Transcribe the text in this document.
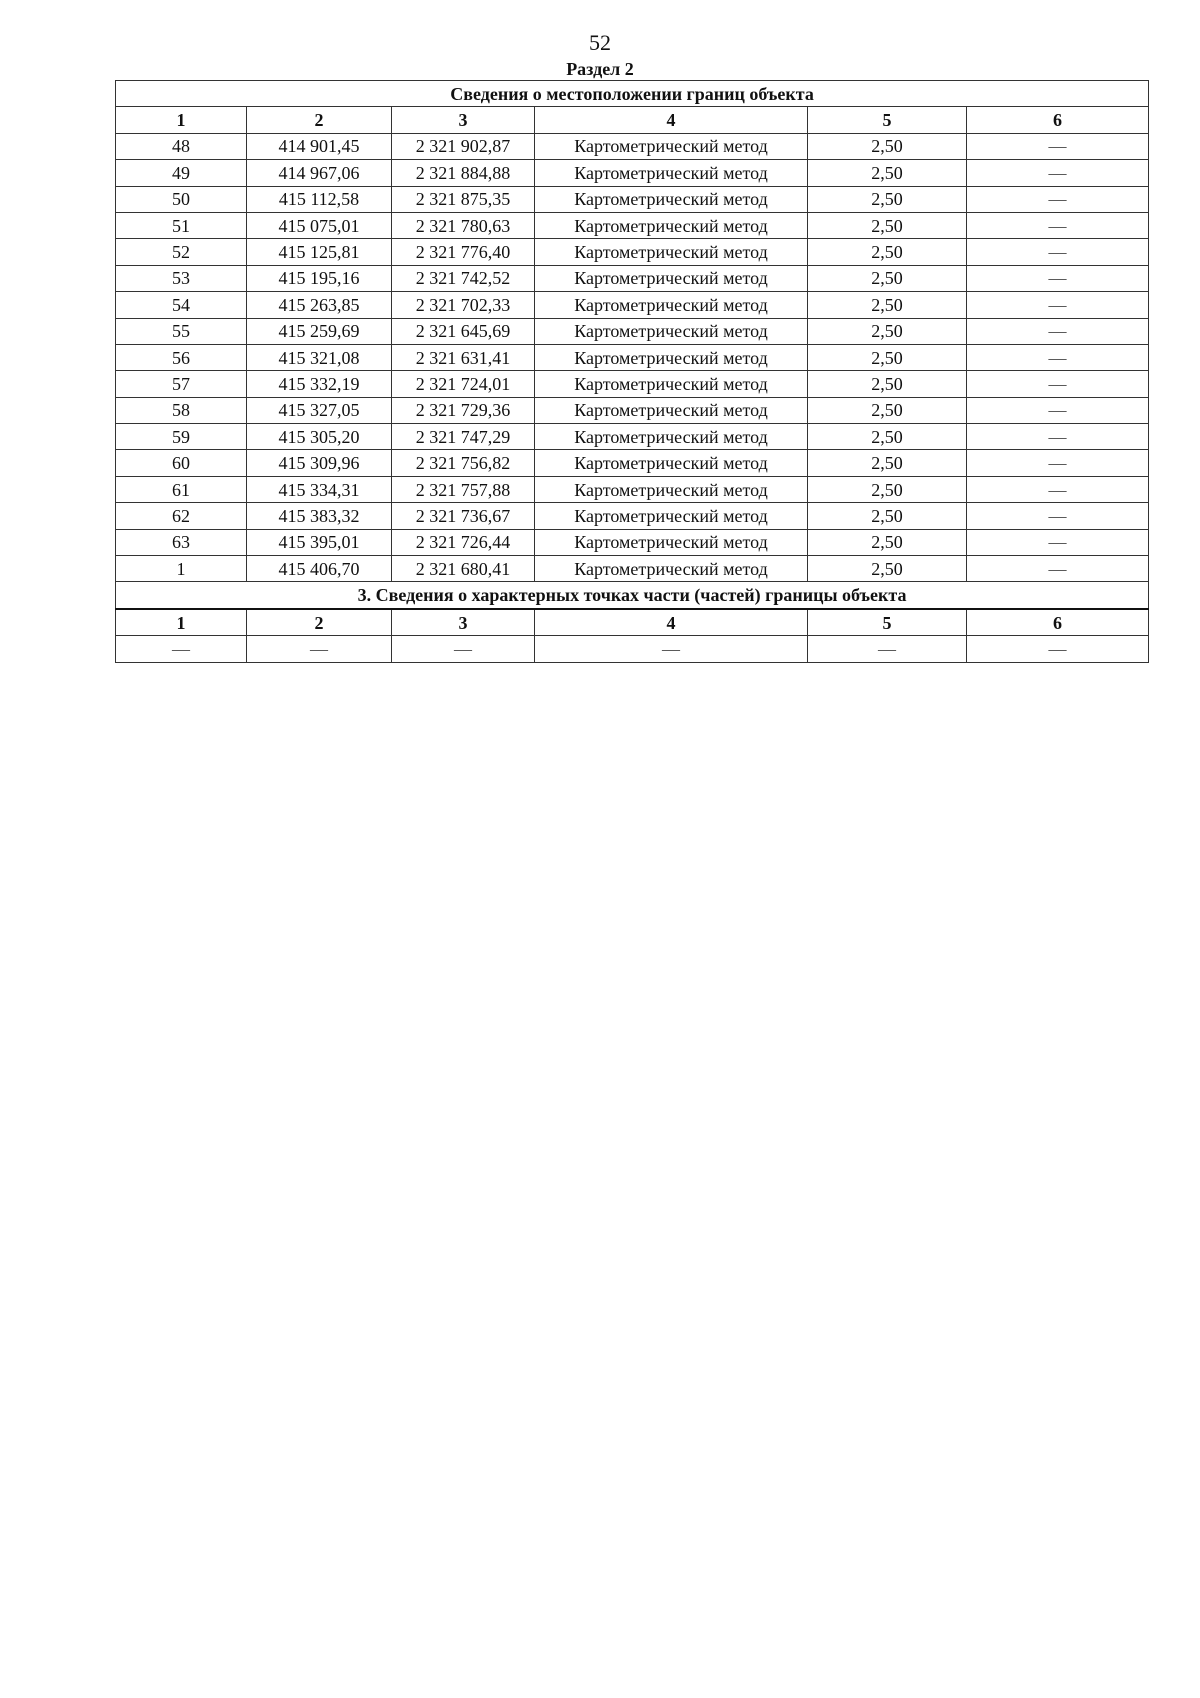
52
Раздел 2
Сведения о местоположении границ объекта					
1	2	3	4	5	6
48	414 901,45	2 321 902,87	Картометрический метод	2,50	—
49	414 967,06	2 321 884,88	Картометрический метод	2,50	—
50	415 112,58	2 321 875,35	Картометрический метод	2,50	—
51	415 075,01	2 321 780,63	Картометрический метод	2,50	—
52	415 125,81	2 321 776,40	Картометрический метод	2,50	—
53	415 195,16	2 321 742,52	Картометрический метод	2,50	—
54	415 263,85	2 321 702,33	Картометрический метод	2,50	—
55	415 259,69	2 321 645,69	Картометрический метод	2,50	—
56	415 321,08	2 321 631,41	Картометрический метод	2,50	—
57	415 332,19	2 321 724,01	Картометрический метод	2,50	—
58	415 327,05	2 321 729,36	Картометрический метод	2,50	—
59	415 305,20	2 321 747,29	Картометрический метод	2,50	—
60	415 309,96	2 321 756,82	Картометрический метод	2,50	—
61	415 334,31	2 321 757,88	Картометрический метод	2,50	—
62	415 383,32	2 321 736,67	Картометрический метод	2,50	—
63	415 395,01	2 321 726,44	Картометрический метод	2,50	—
1	415 406,70	2 321 680,41	Картометрический метод	2,50	—
3. Сведения о характерных точках части (частей) границы объекта					
1	2	3	4	5	6
—	—	—	—	—	—
